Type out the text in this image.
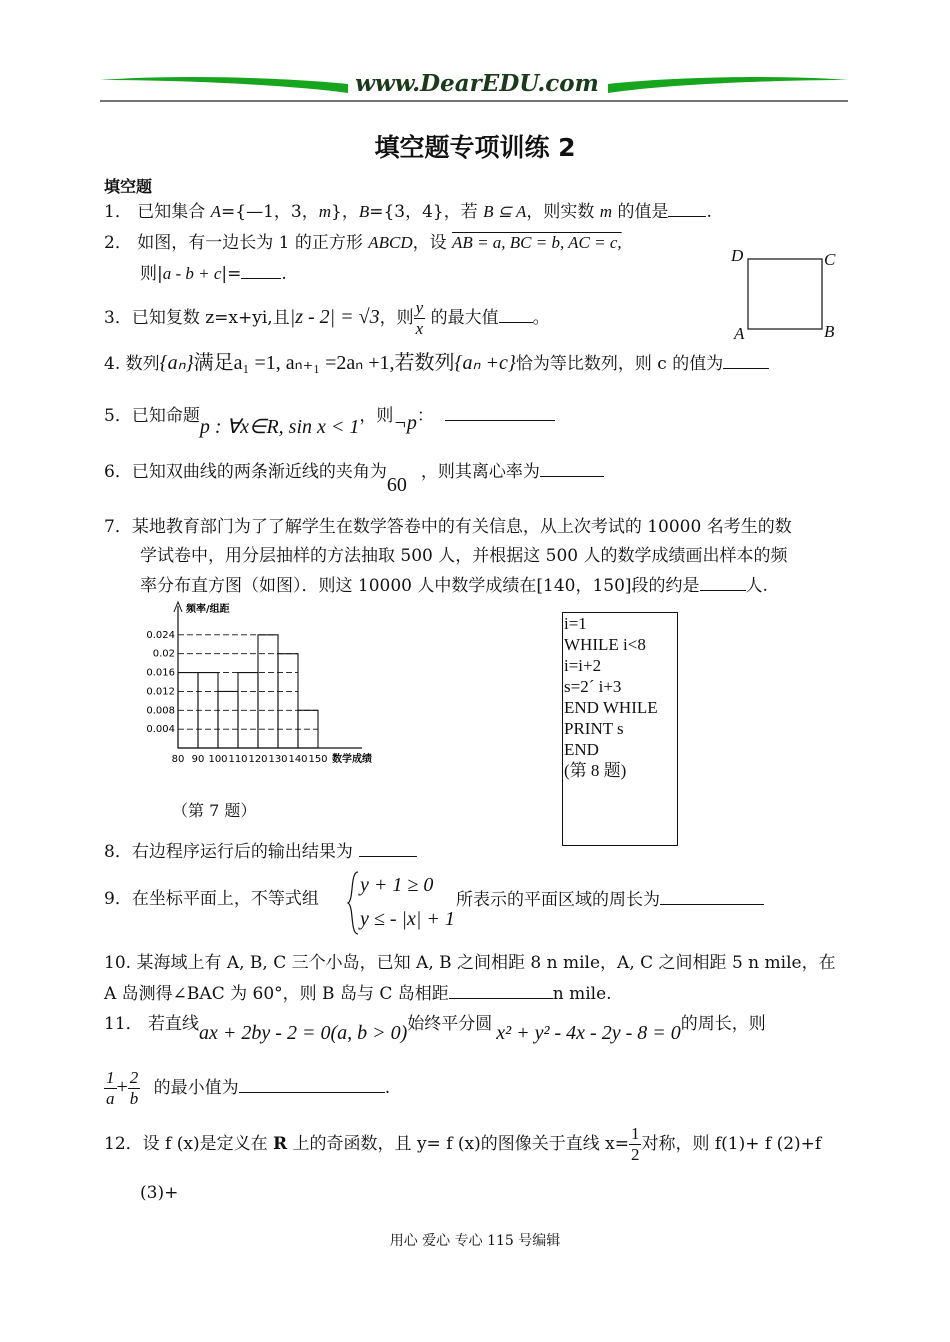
www.DearEDU.com
填空题专项训练 2
填空题
1． 已知集合 A={—1，3，m}，B={3，4}，若 B ⊆ A，则实数 m 的值是 .
2． 如图，有一边长为 1 的正方形 ABCD，设 AB = a, BC = b, AC = c,
则|a - b + c|= .
D	C
A	B
3．已知复数 z=x+yi,且|z - 2| = √3，则 $\frac{y}{x}$ 的最大值 。
4. 数列{aₙ}满足a₁ =1, aₙ₊₁ =2aₙ +1,若数列{aₙ +c}恰为等比数列，则 c 的值为
5．已知命题p : ∀x∈R, sin x < 1，则¬p：
6．已知双曲线的两条渐近线的夹角为60，则其离心率为
7．某地教育部门为了了解学生在数学答卷中的有关信息，从上次考试的 10000 名考生的数
学试卷中，用分层抽样的方法抽取 500 人，并根据这 500 人的数学成绩画出样本的频
率分布直方图（如图）．则这 10000 人中数学成绩在[140，150]段的约是	人.
频率/组距
0.004
0.008
0.012
0.016
0.02
0.024
80 90 100 110 120 130 140 150 数学成绩
（第 7 题）
i=1
WHILE i<8
i=i+2
s=2´ i+3
END WHILE
PRINT s
END
(第 8 题)
8．右边程序运行后的输出结果为
9．在坐标平面上，不等式组
y + 1 ≥ 0
y ≤ - |x| + 1
所表示的平面区域的周长为
10. 某海域上有 A, B, C 三个小岛，已知 A, B 之间相距 8 n mile，A, C 之间相距 5 n mile，在
A 岛测得∠BAC 为 60°，则 B 岛与 C 岛相距	n mile.
11． 若直线ax + 2by - 2 = 0(a, b > 0)始终平分圆 x² + y² - 4x - 2y - 8 = 0的周长，则
$\frac{1}{a} + \frac{2}{b}$ 的最小值为	.
12．设 f (x)是定义在 R 上的奇函数，且 y= f (x)的图像关于直线 $x= \frac{1}{2}$ 对称，则 f(1)+ f (2)+f
(3)+
用心 爱心 专心 115 号编辑
